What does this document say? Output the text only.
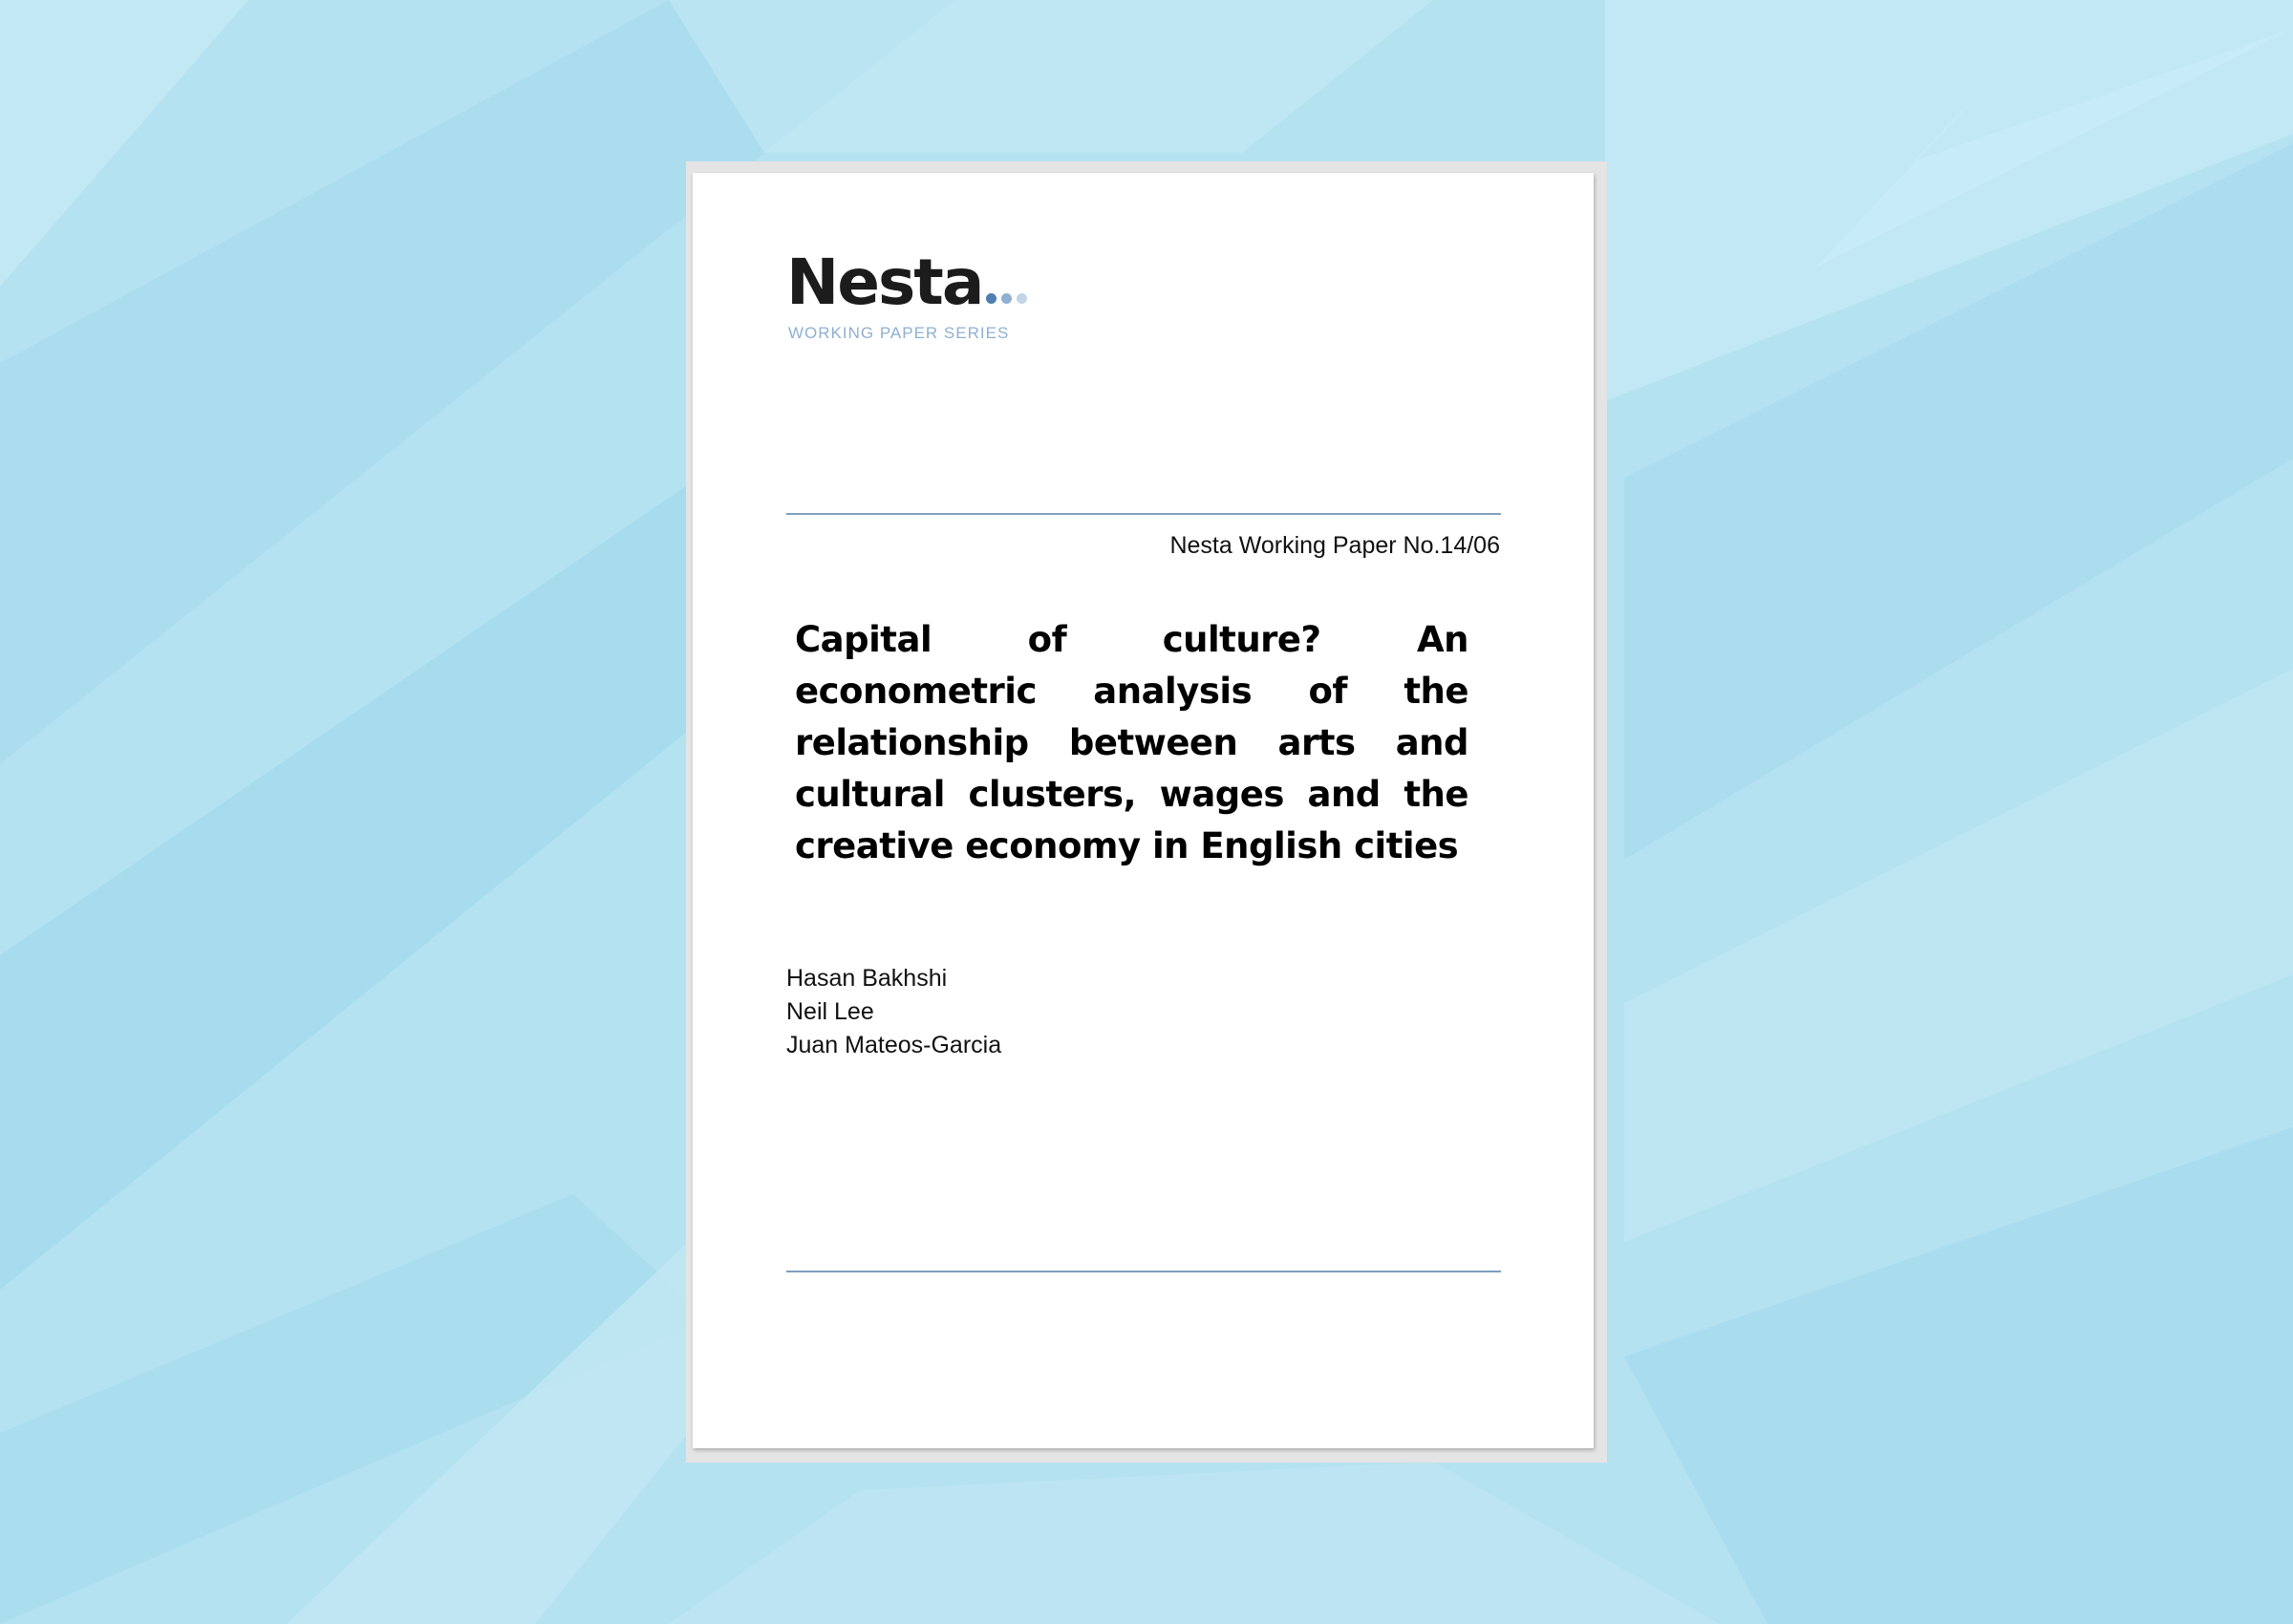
Nesta
WORKING PAPER SERIES
Nesta Working Paper No.14/06
Capital of culture? An econometric analysis of the relationship between arts and cultural clusters, wages and the creative economy in English cities
Hasan Bakhshi
Neil Lee
Juan Mateos-Garcia
